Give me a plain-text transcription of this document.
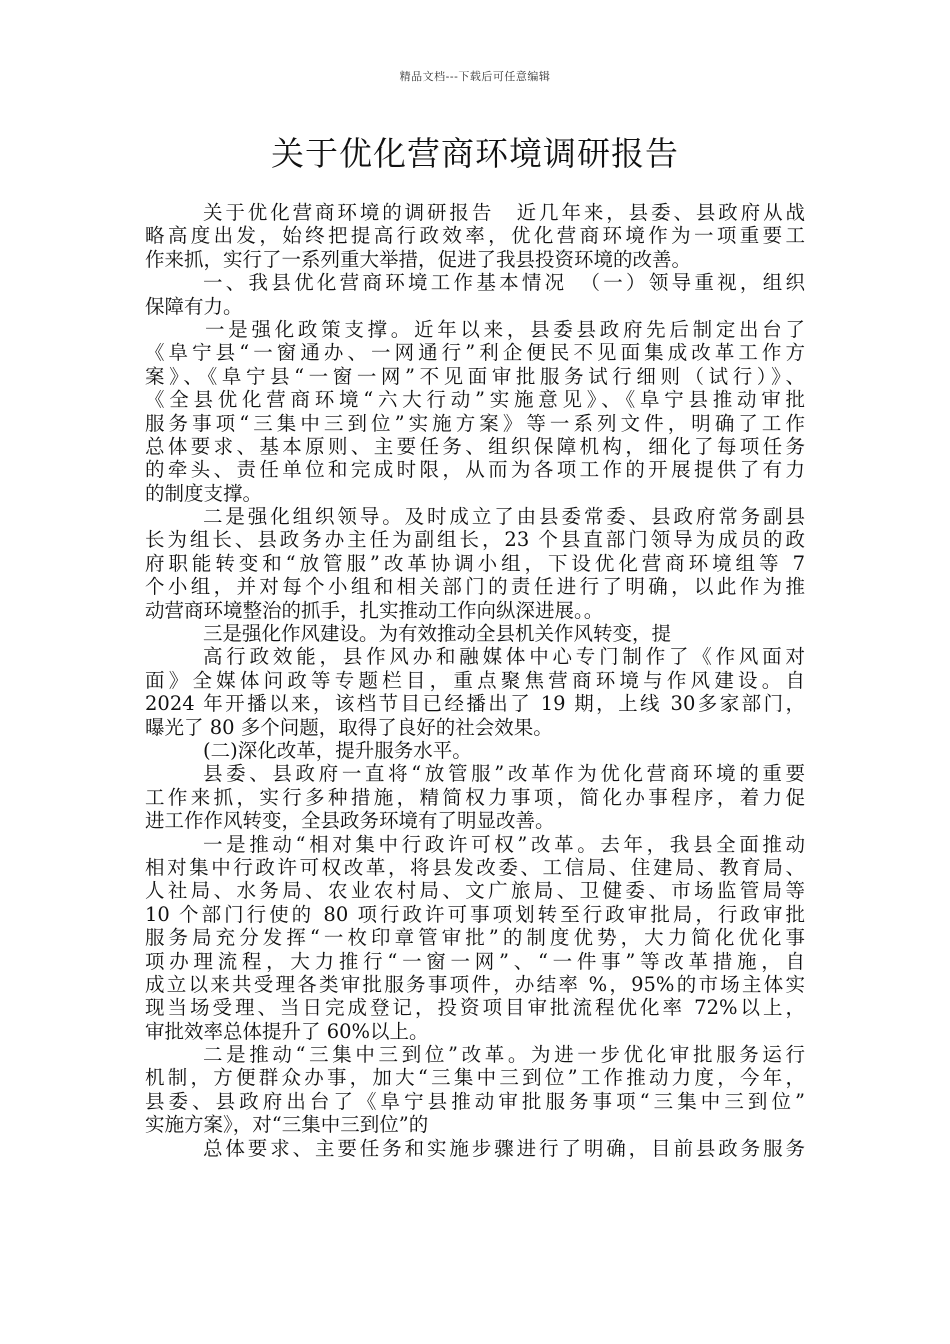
精品文档---下载后可任意编辑
关于优化营商环境调研报告
关于优化营商环境的调研报告　近几年来，县委、县政府从战
略高度出发，始终把提高行政效率，优化营商环境作为一项重要工
作来抓，实行了一系列重大举措，促进了我县投资环境的改善。
一、我县优化营商环境工作基本情况　（一）领导重视，组织
保障有力。
一是强化政策支撑。近年以来，县委县政府先后制定出台了
《阜宁县“一窗通办、一网通行”利企便民不见面集成改革工作方
案》、《阜宁县“一窗一网”不见面审批服务试行细则（试行）》、
《全县优化营商环境“六大行动”实施意见》、《阜宁县推动审批
服务事项“三集中三到位”实施方案》等一系列文件，明确了工作
总体要求、基本原则、主要任务、组织保障机构，细化了每项任务
的牵头、责任单位和完成时限，从而为各项工作的开展提供了有力
的制度支撑。
二是强化组织领导。及时成立了由县委常委、县政府常务副县
长为组长、县政务办主任为副组长，23 个县直部门领导为成员的政
府职能转变和“放管服”改革协调小组，下设优化营商环境组等 7
个小组，并对每个小组和相关部门的责任进行了明确，以此作为推
动营商环境整治的抓手，扎实推动工作向纵深进展。。
三是强化作风建设。为有效推动全县机关作风转变，提
高行政效能，县作风办和融媒体中心专门制作了《作风面对
面》全媒体问政等专题栏目，重点聚焦营商环境与作风建设。自
2024 年开播以来，该档节目已经播出了 19 期，上线 30多家部门，
曝光了 80 多个问题，取得了良好的社会效果。
(二)深化改革，提升服务水平。
县委、县政府一直将“放管服”改革作为优化营商环境的重要
工作来抓，实行多种措施，精简权力事项，简化办事程序，着力促
进工作作风转变，全县政务环境有了明显改善。
一是推动“相对集中行政许可权”改革。去年，我县全面推动
相对集中行政许可权改革，将县发改委、工信局、住建局、教育局、
人社局、水务局、农业农村局、文广旅局、卫健委、市场监管局等
10 个部门行使的 80 项行政许可事项划转至行政审批局，行政审批
服务局充分发挥“一枚印章管审批”的制度优势，大力简化优化事
项办理流程，大力推行“一窗一网”、“一件事”等改革措施，自
成立以来共受理各类审批服务事项件，办结率 %，95%的市场主体实
现当场受理、当日完成登记，投资项目审批流程优化率 72%以上，
审批效率总体提升了 60%以上。
二是推动“三集中三到位”改革。为进一步优化审批服务运行
机制，方便群众办事，加大“三集中三到位”工作推动力度，今年，
县委、县政府出台了《阜宁县推动审批服务事项“三集中三到位”
实施方案》，对“三集中三到位”的
总体要求、主要任务和实施步骤进行了明确，目前县政务服务
